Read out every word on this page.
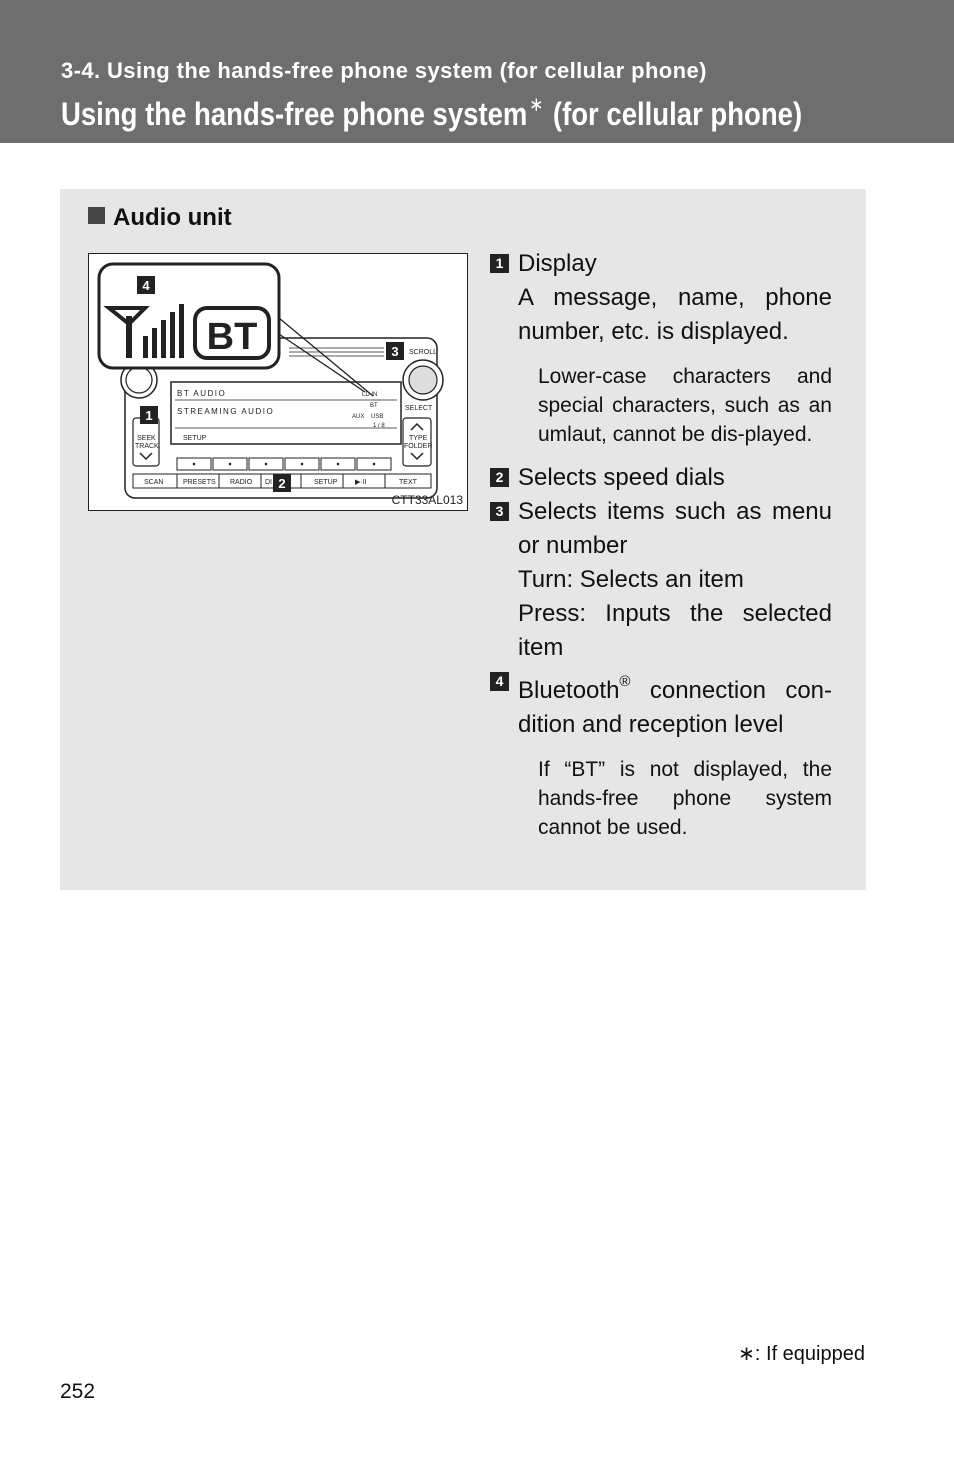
3-4. Using the hands-free phone system (for cellular phone)
Using the hands-free phone system∗ (for cellular phone)
Audio unit
SCROLL
SELECT
BT AUDIO
STREAMING AUDIO
SETUP
LD IN
BT
AUX USB
1 / 8
SEEK
TRACK
TYPE
FOLDER
SCAN	PRESETS RADIO DI	SETUP	▶·II	TEXT
4
BT
1
2
3
CTT33AL013
1 Display
A message, name, phone number, etc. is displayed.
Lower-case characters and special characters, such as an umlaut, cannot be dis-played.
2 Selects speed dials
3 Selects items such as menu or number
Turn: Selects an item
Press: Inputs the selected item
4 Bluetooth® connection con-dition and reception level
If “BT” is not displayed, the hands-free phone system cannot be used.
∗: If equipped
252
